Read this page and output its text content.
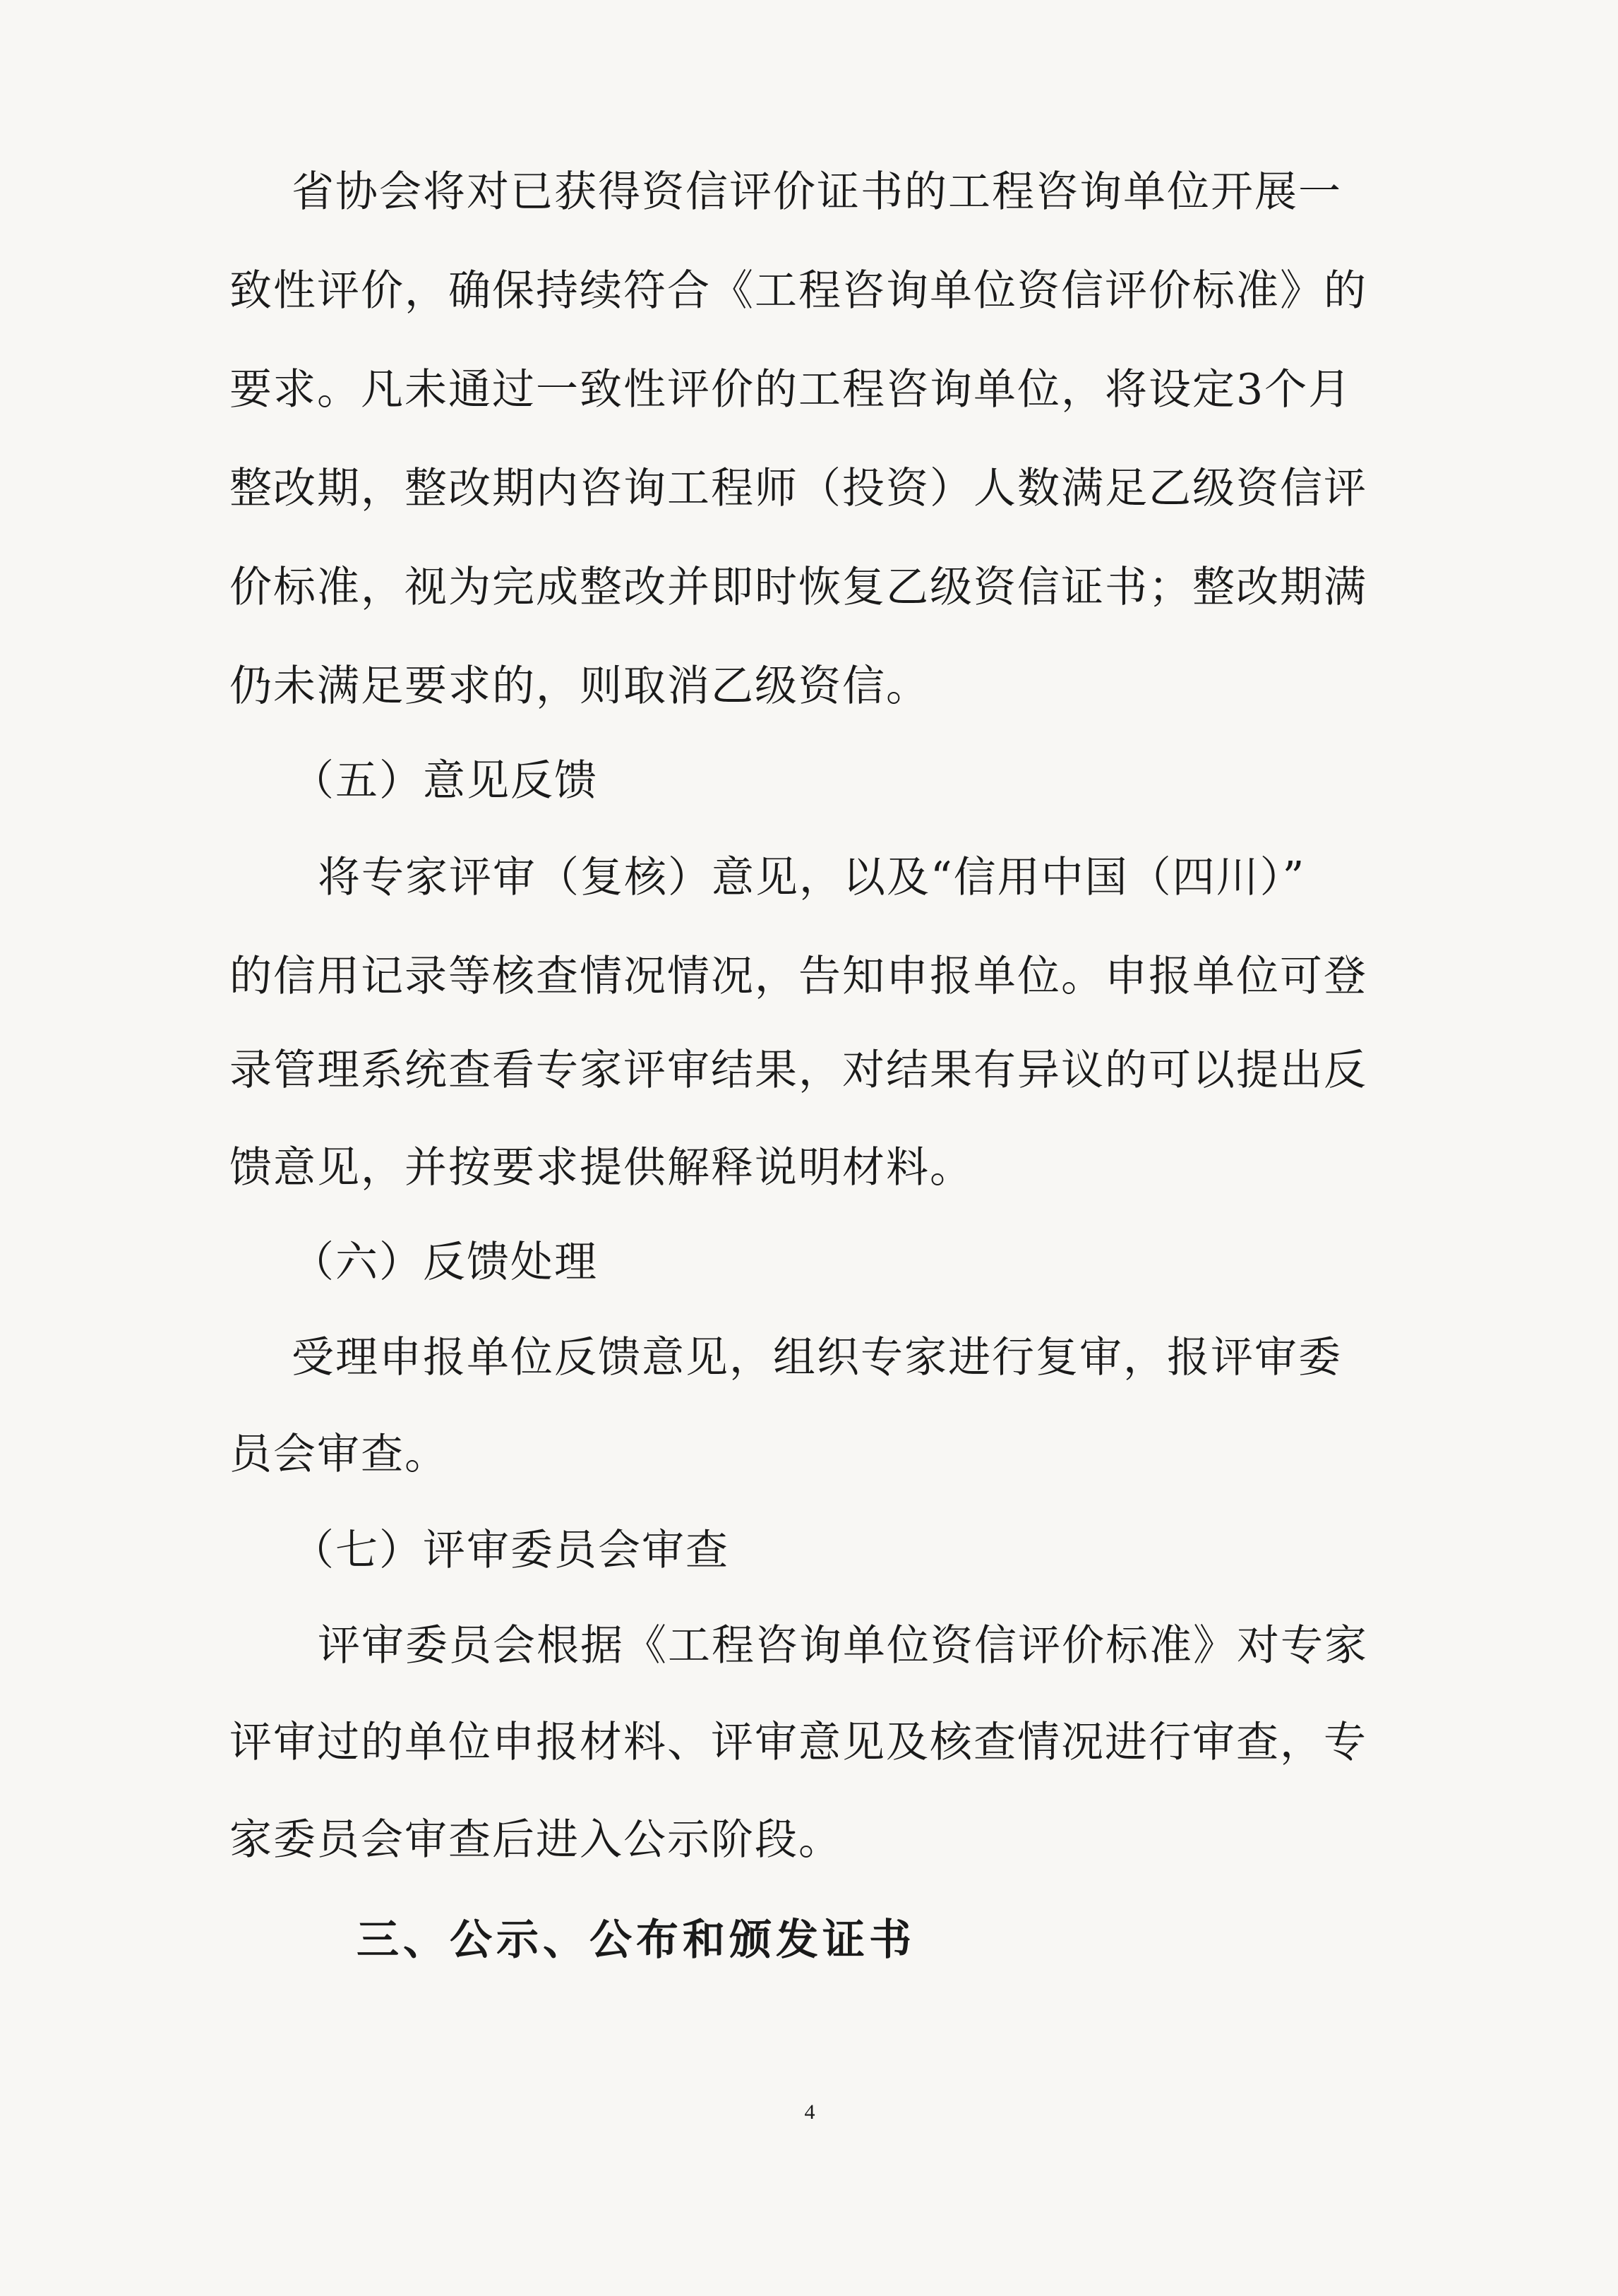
省协会将对已获得资信评价证书的工程咨询单位开展一

致性评价，确保持续符合《工程咨询单位资信评价标准》的

要求。凡未通过一致性评价的工程咨询单位，将设定3个月

整改期，整改期内咨询工程师（投资）人数满足乙级资信评

价标准，视为完成整改并即时恢复乙级资信证书；整改期满

仍未满足要求的，则取消乙级资信。

（五）意见反馈

将专家评审（复核）意见，以及“信用中国（四川）”

的信用记录等核查情况情况，告知申报单位。申报单位可登

录管理系统查看专家评审结果，对结果有异议的可以提出反

馈意见，并按要求提供解释说明材料。

（六）反馈处理

受理申报单位反馈意见，组织专家进行复审，报评审委

员会审查。

（七）评审委员会审查

评审委员会根据《工程咨询单位资信评价标准》对专家

评审过的单位申报材料、评审意见及核查情况进行审查，专

家委员会审查后进入公示阶段。

三、公示、公布和颁发证书

4
